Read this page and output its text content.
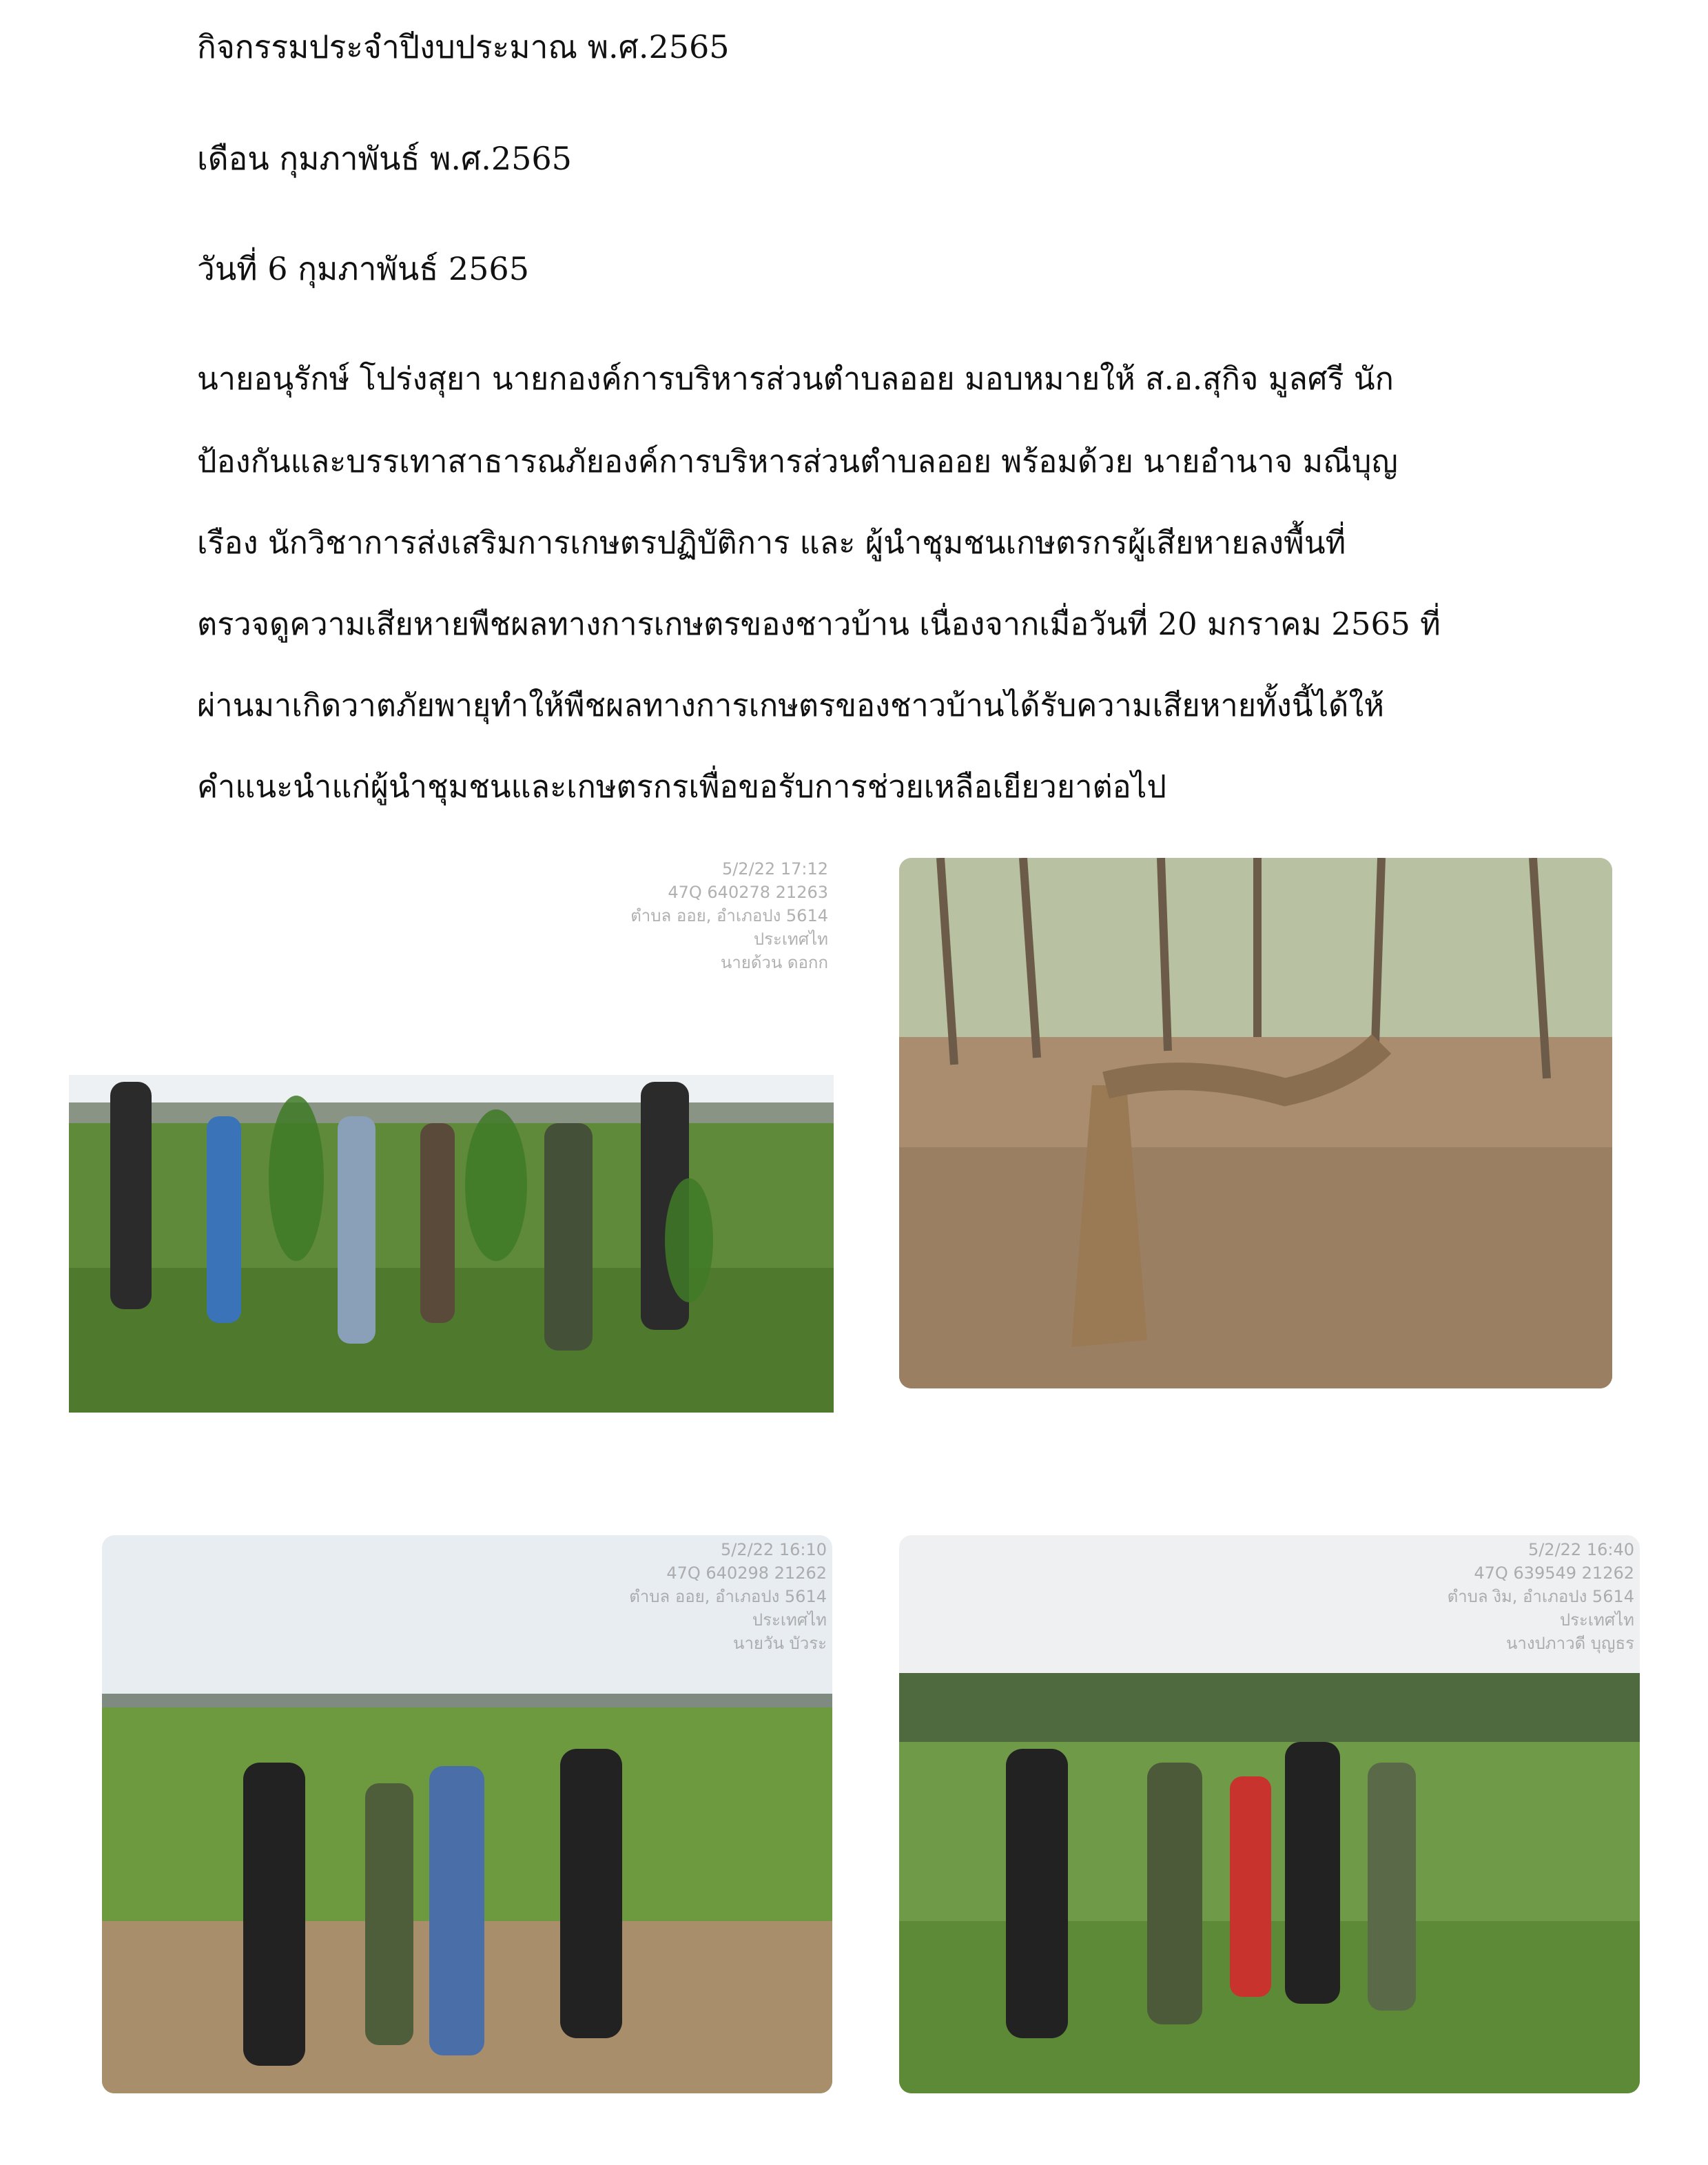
กิจกรรมประจำปีงบประมาณ พ.ศ.2565

เดือน กุมภาพันธ์ พ.ศ.2565

วันที่ 6 กุมภาพันธ์ 2565

นายอนุรักษ์ โปร่งสุยา นายกองค์การบริหารส่วนตำบลออย มอบหมายให้ ส.อ.สุกิจ มูลศรี นัก

ป้องกันและบรรเทาสาธารณภัยองค์การบริหารส่วนตำบลออย พร้อมด้วย นายอำนาจ มณีบุญ

เรือง นักวิชาการส่งเสริมการเกษตรปฏิบัติการ และ ผู้นำชุมชนเกษตรกรผู้เสียหายลงพื้นที่

ตรวจดูความเสียหายพืชผลทางการเกษตรของชาวบ้าน เนื่องจากเมื่อวันที่ 20 มกราคม 2565 ที่

ผ่านมาเกิดวาตภัยพายุทำให้พืชผลทางการเกษตรของชาวบ้านได้รับความเสียหายทั้งนี้ได้ให้

คำแนะนำแก่ผู้นำชุมชนและเกษตรกรเพื่อขอรับการช่วยเหลือเยียวยาต่อไป

5/2/22 17:12
47Q 640278 21263
ตำบล ออย, อำเภอปง 5614
ประเทศไท
นายด้วน ดอกก
5/2/22 16:10
47Q 640298 21262
ตำบล ออย, อำเภอปง 5614
ประเทศไท
นายวัน บัวระ
5/2/22 16:40
47Q 639549 21262
ตำบล งิม, อำเภอปง 5614
ประเทศไท
นางปภาวดี บุญธร
